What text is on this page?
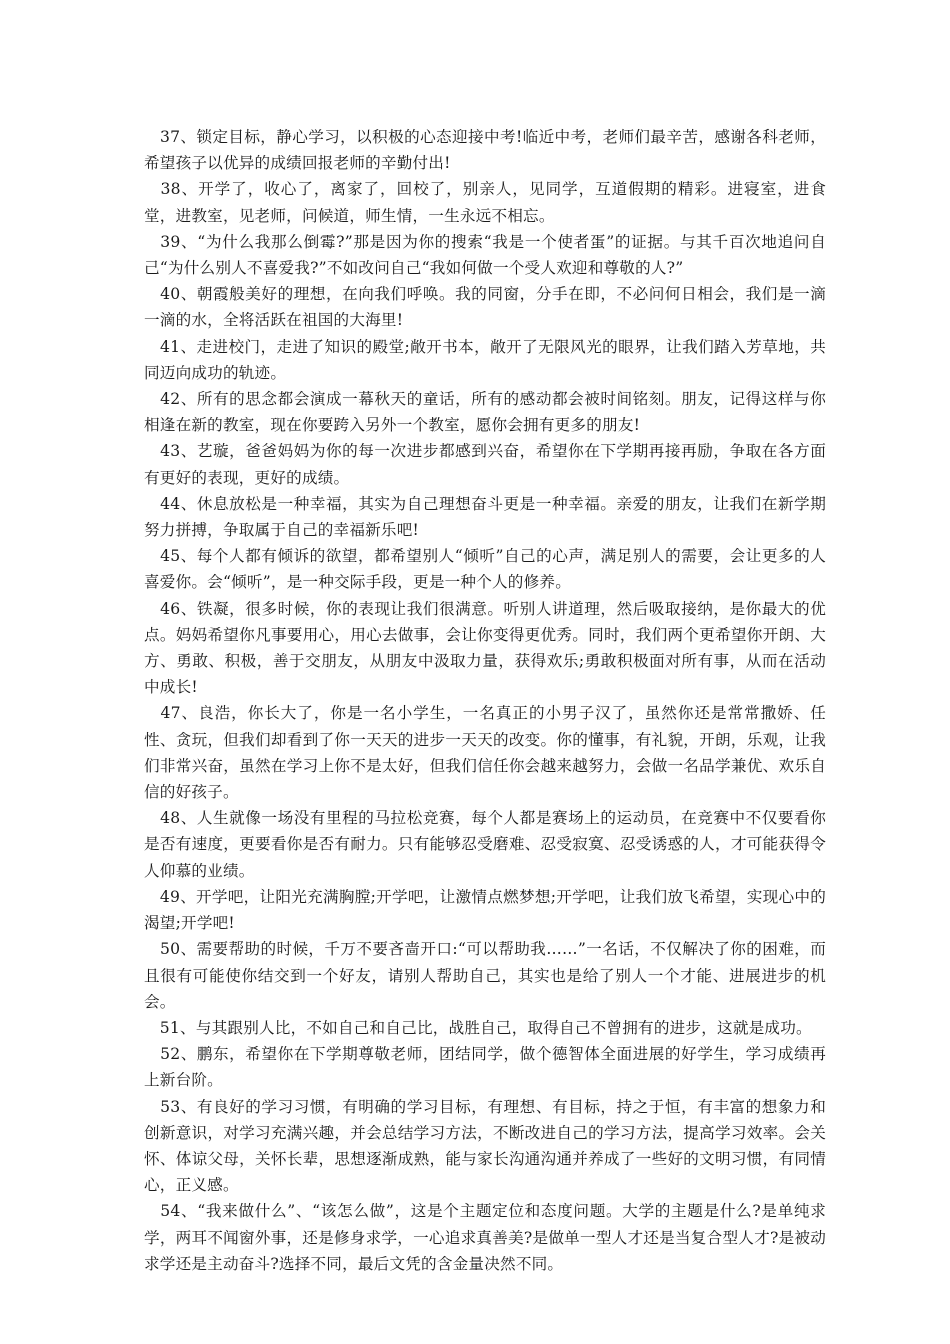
　37、锁定目标，静心学习，以积极的心态迎接中考!临近中考，老师们最辛苦，感谢各科老师，希望孩子以优异的成绩回报老师的辛勤付出!

　38、开学了，收心了，离家了，回校了，别亲人，见同学，互道假期的精彩。进寝室，进食堂，进教室，见老师，问候道，师生情，一生永远不相忘。

　39、“为什么我那么倒霉?”那是因为你的搜索“我是一个使者蛋”的证据。与其千百次地追问自己“为什么别人不喜爱我?”不如改问自己“我如何做一个受人欢迎和尊敬的人?”

　40、朝霞般美好的理想，在向我们呼唤。我的同窗，分手在即，不必问何日相会，我们是一滴一滴的水，全将活跃在祖国的大海里!

　41、走进校门，走进了知识的殿堂;敞开书本，敞开了无限风光的眼界，让我们踏入芳草地，共同迈向成功的轨迹。

　42、所有的思念都会演成一幕秋天的童话，所有的感动都会被时间铭刻。朋友，记得这样与你相逢在新的教室，现在你要跨入另外一个教室，愿你会拥有更多的朋友!

　43、艺璇，爸爸妈妈为你的每一次进步都感到兴奋，希望你在下学期再接再励，争取在各方面有更好的表现，更好的成绩。

　44、休息放松是一种幸福，其实为自己理想奋斗更是一种幸福。亲爱的朋友，让我们在新学期努力拼搏，争取属于自己的幸福新乐吧!

　45、每个人都有倾诉的欲望，都希望别人“倾听”自己的心声，满足别人的需要，会让更多的人喜爱你。会“倾听”，是一种交际手段，更是一种个人的修养。

　46、铁凝，很多时候，你的表现让我们很满意。听别人讲道理，然后吸取接纳，是你最大的优点。妈妈希望你凡事要用心，用心去做事，会让你变得更优秀。同时，我们两个更希望你开朗、大方、勇敢、积极，善于交朋友，从朋友中汲取力量，获得欢乐;勇敢积极面对所有事，从而在活动中成长!

　47、良浩，你长大了，你是一名小学生，一名真正的小男子汉了，虽然你还是常常撒娇、任性、贪玩，但我们却看到了你一天天的进步一天天的改变。你的懂事，有礼貌，开朗，乐观，让我们非常兴奋，虽然在学习上你不是太好，但我们信任你会越来越努力，会做一名品学兼优、欢乐自信的好孩子。

　48、人生就像一场没有里程的马拉松竞赛，每个人都是赛场上的运动员，在竞赛中不仅要看你是否有速度，更要看你是否有耐力。只有能够忍受磨难、忍受寂寞、忍受诱惑的人，才可能获得令人仰慕的业绩。

　49、开学吧，让阳光充满胸膛;开学吧，让激情点燃梦想;开学吧，让我们放飞希望，实现心中的渴望;开学吧!

　50、需要帮助的时候，千万不要吝啬开口:“可以帮助我……”一名话，不仅解决了你的困难，而且很有可能使你结交到一个好友，请别人帮助自己，其实也是给了别人一个才能、进展进步的机会。

　51、与其跟别人比，不如自己和自己比，战胜自己，取得自己不曾拥有的进步，这就是成功。

　52、鹏东，希望你在下学期尊敬老师，团结同学，做个德智体全面进展的好学生，学习成绩再上新台阶。

　53、有良好的学习习惯，有明确的学习目标，有理想、有目标，持之于恒，有丰富的想象力和创新意识，对学习充满兴趣，并会总结学习方法，不断改进自己的学习方法，提高学习效率。会关怀、体谅父母，关怀长辈，思想逐渐成熟，能与家长沟通沟通并养成了一些好的文明习惯，有同情心，正义感。

　54、“我来做什么”、“该怎么做”，这是个主题定位和态度问题。大学的主题是什么?是单纯求学，两耳不闻窗外事，还是修身求学，一心追求真善美?是做单一型人才还是当复合型人才?是被动求学还是主动奋斗?选择不同，最后文凭的含金量决然不同。
